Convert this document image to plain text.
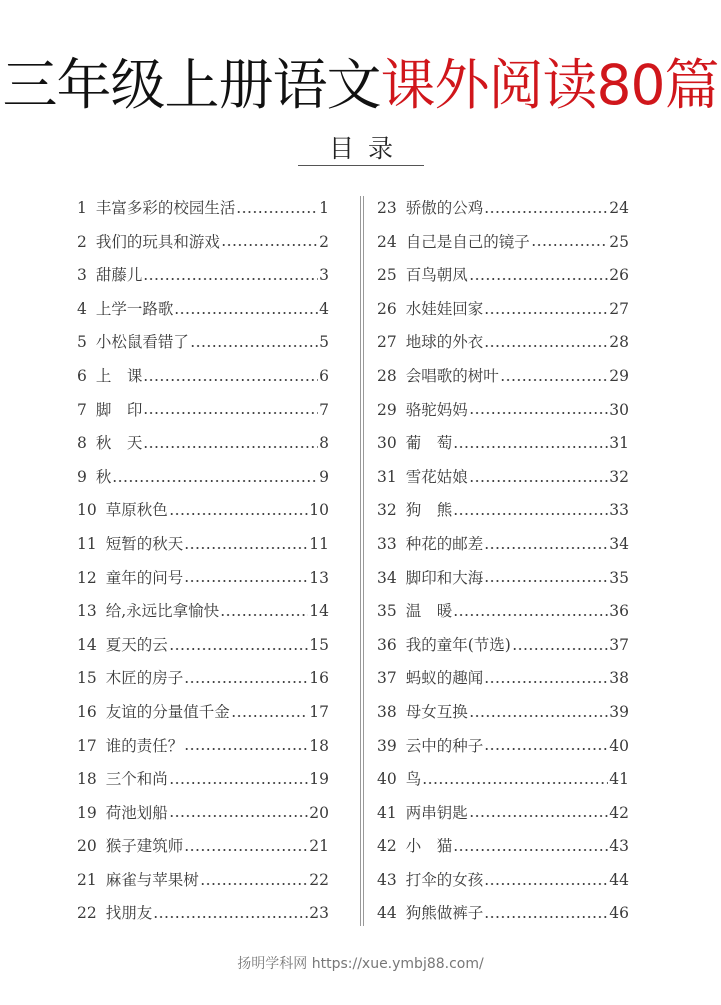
三年级上册语文课外阅读80篇
目录
1 丰富多彩的校园生活	1
2 我们的玩具和游戏	2
3 甜藤儿	3
4 上学一路歌	4
5 小松鼠看错了	5
6 上　课	6
7 脚　印	7
8 秋　天	8
9 秋	9
10 草原秋色	10
11 短暂的秋天	11
12 童年的问号	13
13 给,永远比拿愉快	14
14 夏天的云	15
15 木匠的房子	16
16 友谊的分量值千金	17
17 谁的责任？	18
18 三个和尚	19
19 荷池划船	20
20 猴子建筑师	21
21 麻雀与苹果树	22
22 找朋友	23
23 骄傲的公鸡	24
24 自己是自己的镜子	25
25 百鸟朝凤	26
26 水娃娃回家	27
27 地球的外衣	28
28 会唱歌的树叶	29
29 骆驼妈妈	30
30 葡　萄	31
31 雪花姑娘	32
32 狗　熊	33
33 种花的邮差	34
34 脚印和大海	35
35 温　暖	36
36 我的童年(节选)	37
37 蚂蚁的趣闻	38
38 母女互换	39
39 云中的种子	40
40 鸟	41
41 两串钥匙	42
42 小　猫	43
43 打伞的女孩	44
44 狗熊做裤子	46
扬明学科网 https://xue.ymbj88.com/
